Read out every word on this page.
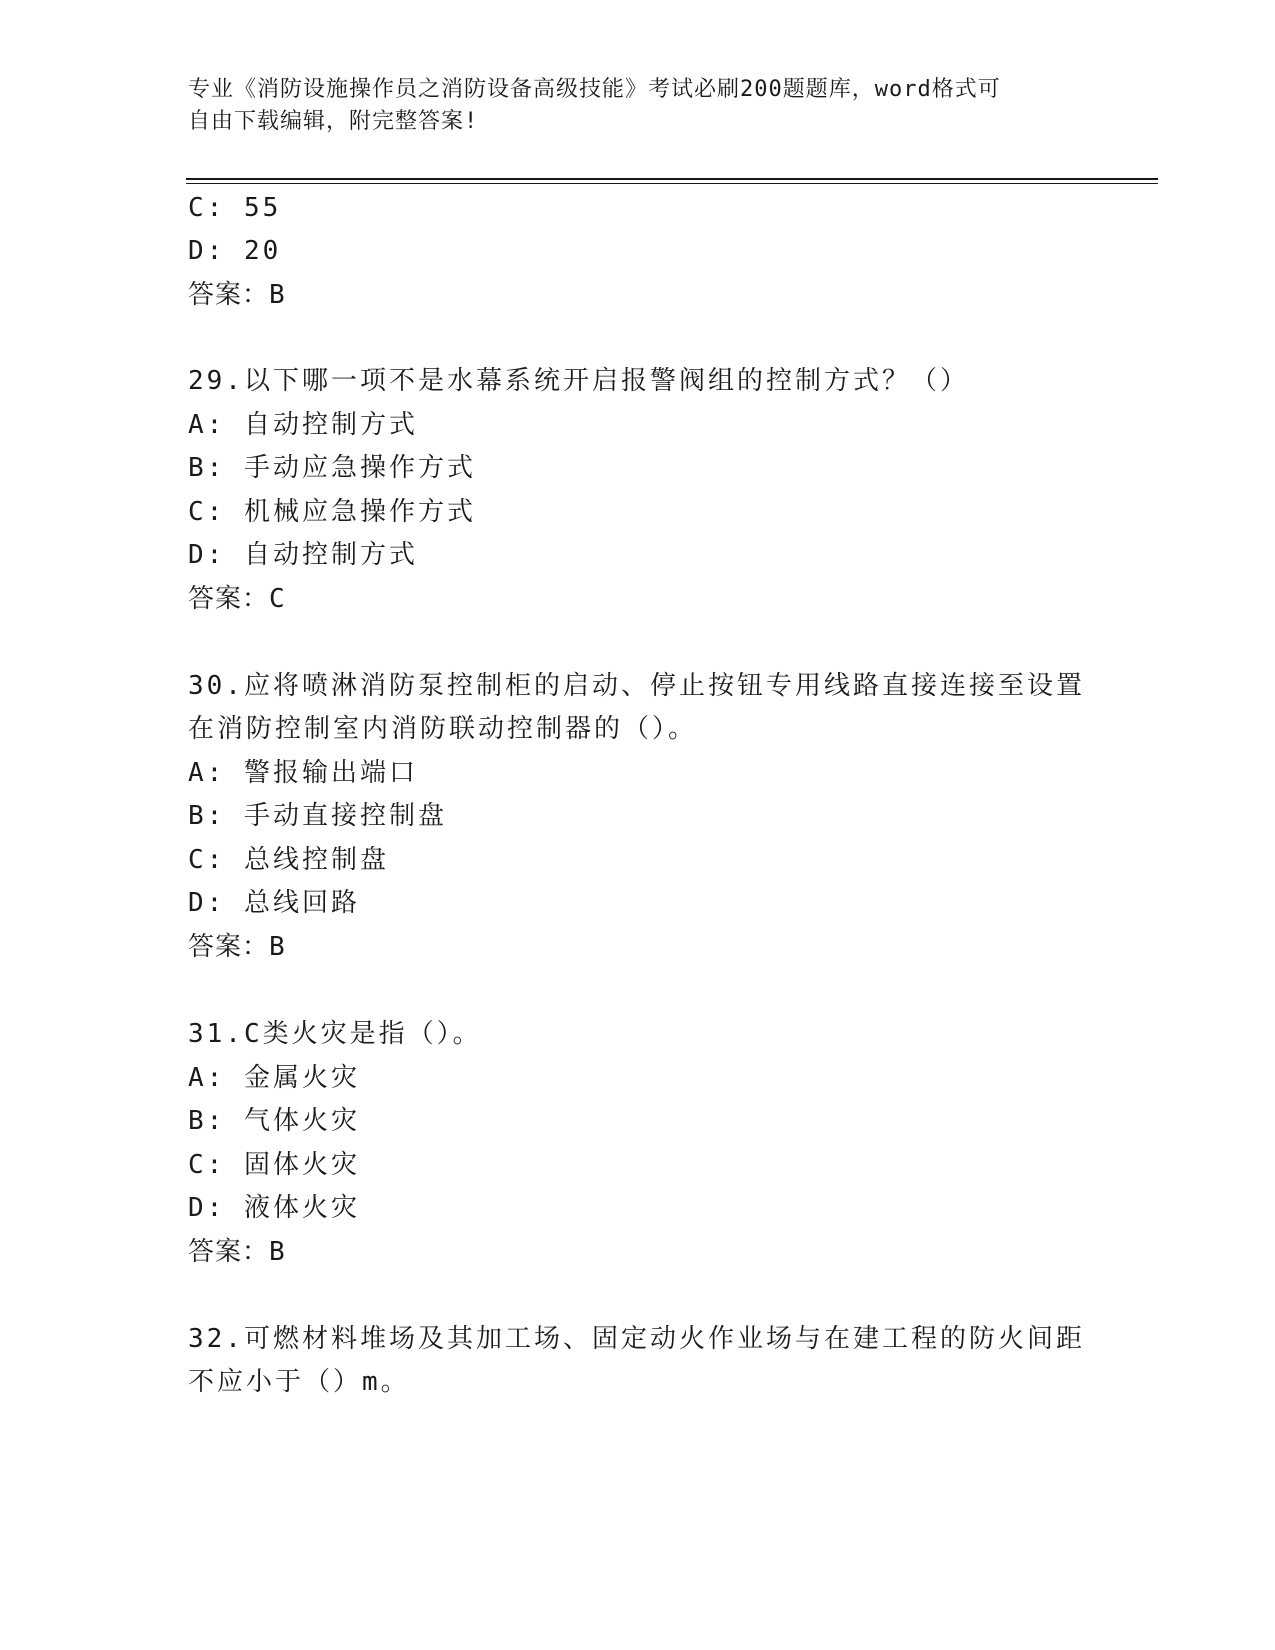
专业《消防设施操作员之消防设备高级技能》考试必刷200题题库，word格式可
自由下载编辑，附完整答案!
C: 55
D: 20
答案：B
29.以下哪一项不是水幕系统开启报警阀组的控制方式？（）
A: 自动控制方式
B: 手动应急操作方式
C: 机械应急操作方式
D: 自动控制方式
答案：C
30.应将喷淋消防泵控制柜的启动、停止按钮专用线路直接连接至设置
在消防控制室内消防联动控制器的（）。
A: 警报输出端口
B: 手动直接控制盘
C: 总线控制盘
D: 总线回路
答案：B
31.C类火灾是指（）。
A: 金属火灾
B: 气体火灾
C: 固体火灾
D: 液体火灾
答案：B
32.可燃材料堆场及其加工场、固定动火作业场与在建工程的防火间距
不应小于（）m。
